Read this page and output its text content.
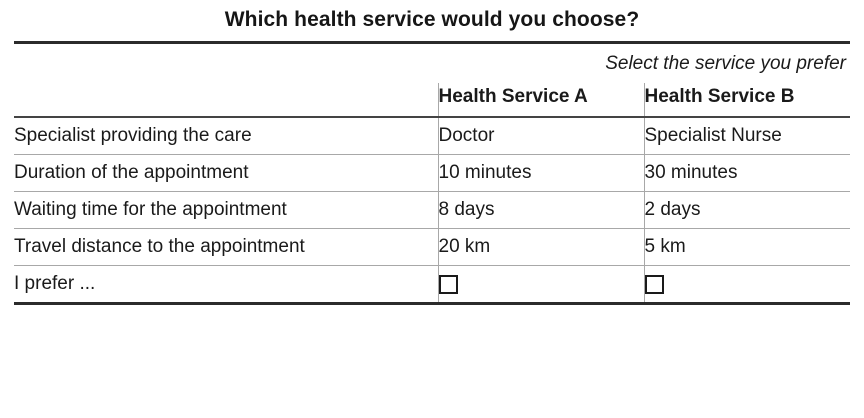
Which health service would you choose?
Select the service you prefer
	Health Service A	Health Service B
Specialist providing the care	Doctor	Specialist Nurse
Duration of the appointment	10 minutes	30 minutes
Waiting time for the appointment	8 days	2 days
Travel distance to the appointment	20 km	5 km
I prefer ...		
